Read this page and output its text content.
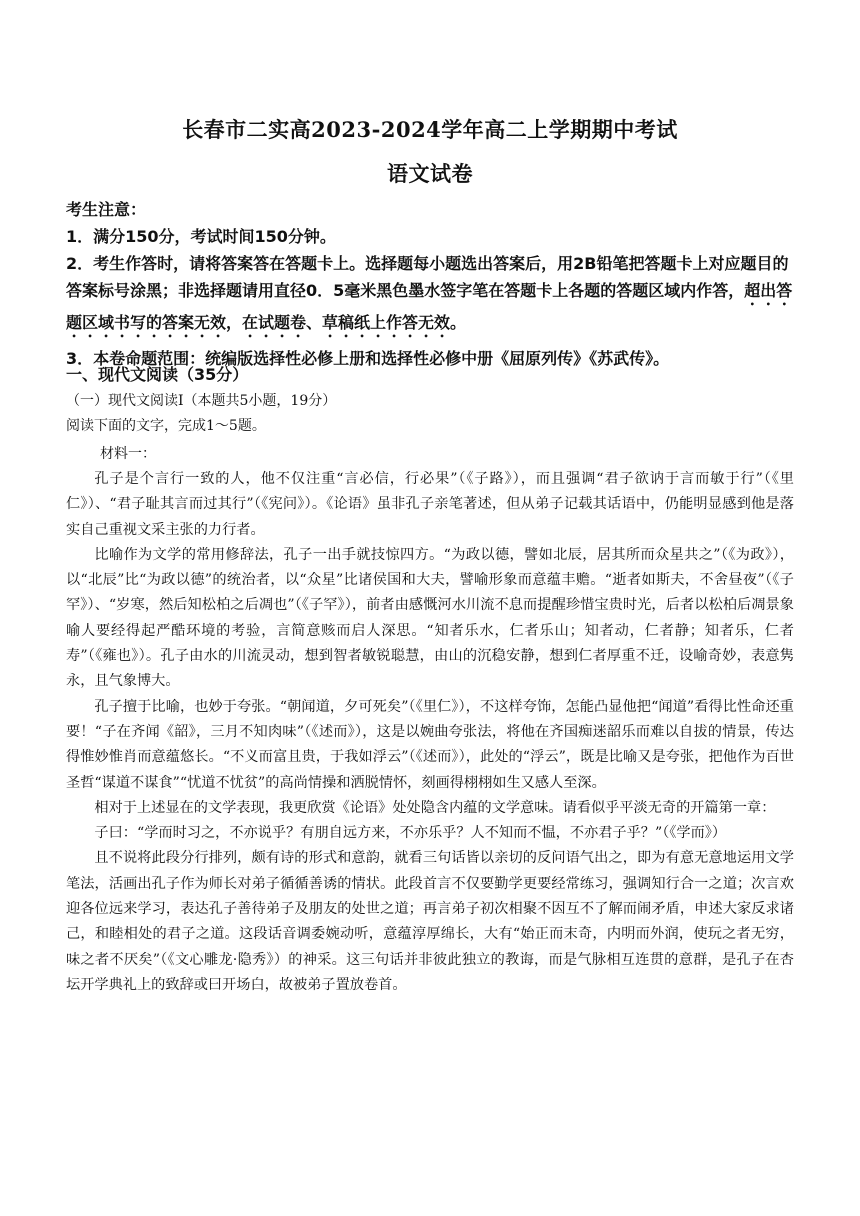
长春市二实高2023-2024学年高二上学期期中考试
语文试卷
考生注意：
1．满分150分，考试时间150分钟。
2．考生作答时，请将答案答在答题卡上。选择题每小题选出答案后，用2B铅笔把答题卡上对应题目的答案标号涂黑；非选择题请用直径0．5毫米黑色墨水签字笔在答题卡上各题的答题区域内作答，超出答题区域书写的答案无效，在试题卷、草稿纸上作答无效。
3．本卷命题范围：统编版选择性必修上册和选择性必修中册《屈原列传》《苏武传》。
一、现代文阅读（35分）
（一）现代文阅读Ⅰ（本题共5小题，19分）
阅读下面的文字，完成1～5题。
材料一：

孔子是个言行一致的人，他不仅注重“言必信，行必果”（《子路》），而且强调“君子欲讷于言而敏于行”（《里仁》）、“君子耻其言而过其行”（《宪问》）。《论语》虽非孔子亲笔著述，但从弟子记载其话语中，仍能明显感到他是落实自己重视文采主张的力行者。

比喻作为文学的常用修辞法，孔子一出手就技惊四方。“为政以德，譬如北辰，居其所而众星共之”（《为政》），以“北辰”比“为政以德”的统治者，以“众星”比诸侯国和大夫，譬喻形象而意蕴丰赡。“逝者如斯夫，不舍昼夜”（《子罕》）、“岁寒，然后知松柏之后凋也”（《子罕》），前者由感慨河水川流不息而提醒珍惜宝贵时光，后者以松柏后凋景象喻人要经得起严酷环境的考验，言简意赅而启人深思。“知者乐水，仁者乐山；知者动，仁者静；知者乐，仁者寿”（《雍也》）。孔子由水的川流灵动，想到智者敏锐聪慧，由山的沉稳安静，想到仁者厚重不迁，设喻奇妙，表意隽永，且气象博大。

孔子擅于比喻，也妙于夸张。“朝闻道，夕可死矣”（《里仁》），不这样夸饰，怎能凸显他把“闻道”看得比性命还重要！“子在齐闻《韶》，三月不知肉味”（《述而》），这是以婉曲夸张法，将他在齐国痴迷韶乐而难以自拔的情景，传达得惟妙惟肖而意蕴悠长。“不义而富且贵，于我如浮云”（《述而》），此处的“浮云”，既是比喻又是夸张，把他作为百世圣哲“谋道不谋食”“忧道不忧贫”的高尚情操和洒脱情怀，刻画得栩栩如生又感人至深。

相对于上述显在的文学表现，我更欣赏《论语》处处隐含内蕴的文学意味。请看似乎平淡无奇的开篇第一章：

子曰：“学而时习之，不亦说乎？有朋自远方来，不亦乐乎？人不知而不愠，不亦君子乎？”（《学而》）

且不说将此段分行排列，颇有诗的形式和意韵，就看三句话皆以亲切的反问语气出之，即为有意无意地运用文学笔法，活画出孔子作为师长对弟子循循善诱的情状。此段首言不仅要勤学更要经常练习，强调知行合一之道；次言欢迎各位远来学习，表达孔子善待弟子及朋友的处世之道；再言弟子初次相聚不因互不了解而闹矛盾，申述大家反求诸己，和睦相处的君子之道。这段话音调委婉动听，意蕴淳厚绵长，大有“始正而末奇，内明而外润，使玩之者无穷，味之者不厌矣”（《文心雕龙·隐秀》）的神采。这三句话并非彼此独立的教诲，而是气脉相互连贯的意群，是孔子在杏坛开学典礼上的致辞或曰开场白，故被弟子置放卷首。
